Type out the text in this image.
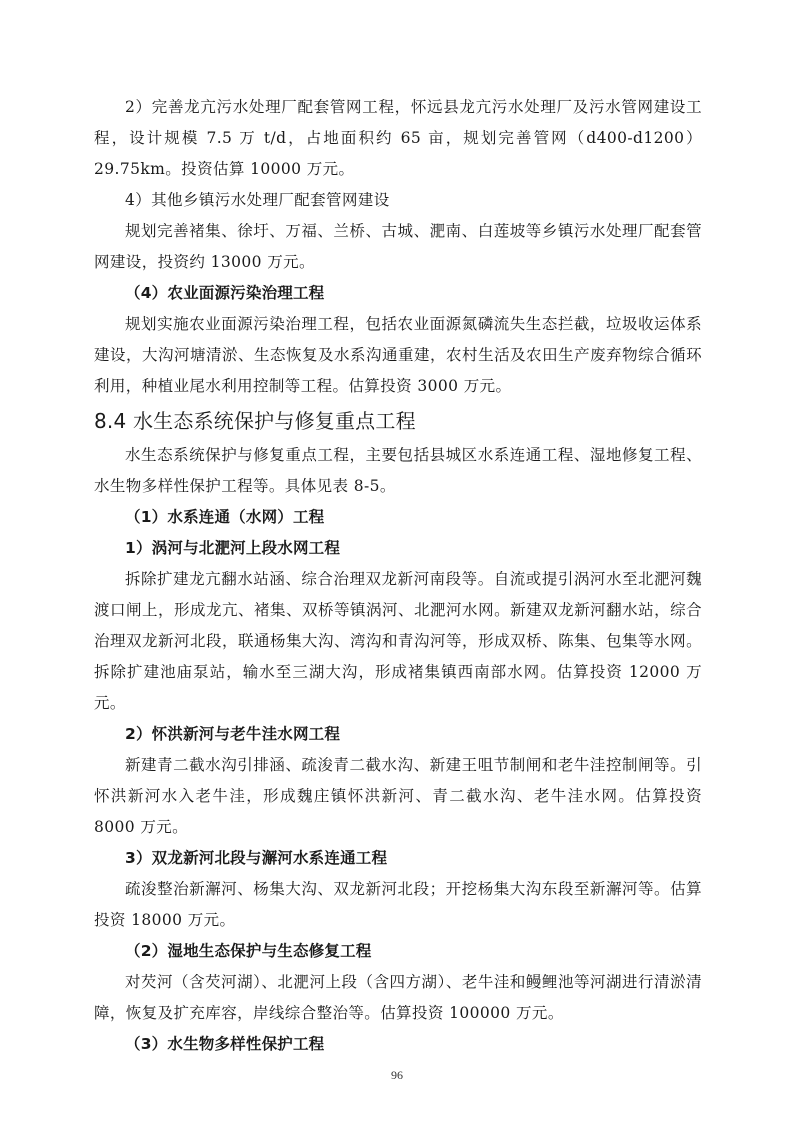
2）完善龙亢污水处理厂配套管网工程，怀远县龙亢污水处理厂及污水管网建设工程，设计规模 7.5 万 t/d，占地面积约 65 亩，规划完善管网（d400-d1200）29.75km。投资估算 10000 万元。

4）其他乡镇污水处理厂配套管网建设

规划完善褚集、徐圩、万福、兰桥、古城、淝南、白莲坡等乡镇污水处理厂配套管网建设，投资约 13000 万元。

（4）农业面源污染治理工程

规划实施农业面源污染治理工程，包括农业面源氮磷流失生态拦截，垃圾收运体系建设，大沟河塘清淤、生态恢复及水系沟通重建，农村生活及农田生产废弃物综合循环利用，种植业尾水利用控制等工程。估算投资 3000 万元。

8.4 水生态系统保护与修复重点工程

水生态系统保护与修复重点工程，主要包括县城区水系连通工程、湿地修复工程、水生物多样性保护工程等。具体见表 8-5。

（1）水系连通（水网）工程

1）涡河与北淝河上段水网工程

拆除扩建龙亢翻水站涵、综合治理双龙新河南段等。自流或提引涡河水至北淝河魏渡口闸上，形成龙亢、褚集、双桥等镇涡河、北淝河水网。新建双龙新河翻水站，综合治理双龙新河北段，联通杨集大沟、湾沟和青沟河等，形成双桥、陈集、包集等水网。拆除扩建池庙泵站，输水至三湖大沟，形成褚集镇西南部水网。估算投资 12000 万元。

2）怀洪新河与老牛洼水网工程

新建青二截水沟引排涵、疏浚青二截水沟、新建王咀节制闸和老牛洼控制闸等。引怀洪新河水入老牛洼，形成魏庄镇怀洪新河、青二截水沟、老牛洼水网。估算投资 8000 万元。

3）双龙新河北段与澥河水系连通工程

疏浚整治新澥河、杨集大沟、双龙新河北段；开挖杨集大沟东段至新澥河等。估算投资 18000 万元。

（2）湿地生态保护与生态修复工程

对芡河（含芡河湖）、北淝河上段（含四方湖）、老牛洼和鳗鲤池等河湖进行清淤清障，恢复及扩充库容，岸线综合整治等。估算投资 100000 万元。

（3）水生物多样性保护工程

96
